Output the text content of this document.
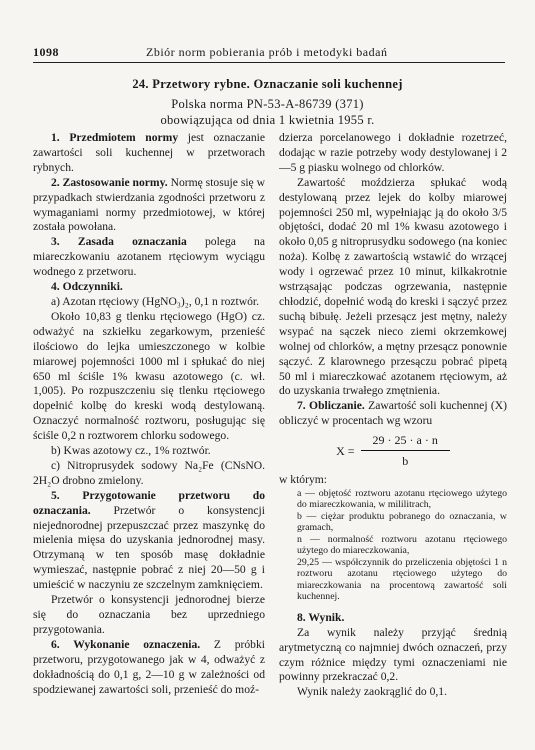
1098	Zbiór norm pobierania prób i metodyki badań
24. Przetwory rybne. Oznaczanie soli kuchennej
Polska norma PN-53-A-86739 (371)
obowiązująca od dnia 1 kwietnia 1955 r.

1. Przedmiotem normy jest oznaczanie zawartości soli kuchennej w przetworach rybnych.

2. Zastosowanie normy. Normę stosuje się w przypadkach stwierdzania zgodności przetworu z wymaganiami normy przedmiotowej, w której została powołana.

3. Zasada oznaczania polega na miareczkowaniu azotanem rtęciowym wyciągu wodnego z przetworu.

4. Odczynniki.

a) Azotan rtęciowy (HgNO₃)₂, 0,1 n roztwór.

Około 10,83 g tlenku rtęciowego (HgO) cz. odważyć na szkiełku zegarkowym, przenieść ilościowo do lejka umieszczonego w kolbie miarowej pojemności 1000 ml i spłukać do niej 650 ml ściśle 1% kwasu azotowego (c. wł. 1,005). Po rozpuszczeniu się tlenku rtęciowego dopełnić kolbę do kreski wodą destylowaną. Oznaczyć normalność roztworu, posługując się ściśle 0,2 n roztworem chlorku sodowego.

b) Kwas azotowy cz., 1% roztwór.

c) Nitroprusydek sodowy Na₂Fe (CNsNO. 2H₂O drobno zmielony.

5. Przygotowanie przetworu do oznaczania. Przetwór o konsystencji niejednorodnej przepuszczać przez maszynkę do mielenia mięsa do uzyskania jednorodnej masy. Otrzymaną w ten sposób masę dokładnie wymieszać, następnie pobrać z niej 20—50 g i umieścić w naczyniu ze szczelnym zamknięciem.

Przetwór o konsystencji jednorodnej bierze się do oznaczania bez uprzedniego przygotowania.

6. Wykonanie oznaczenia. Z próbki przetworu, przygotowanego jak w 4, odważyć z dokładnością do 0,1 g, 2—10 g w zależności od spodziewanej zawartości soli, przenieść do moź-

dzierza porcelanowego i dokładnie rozetrzeć, dodając w razie potrzeby wody destylowanej i 2—5 g piasku wolnego od chlorków.

Zawartość moździerza spłukać wodą destylowaną przez lejek do kolby miarowej pojemności 250 ml, wypełniając ją do około 3/5 objętości, dodać 20 ml 1% kwasu azotowego i około 0,05 g nitroprusydku sodowego (na koniec noża). Kolbę z zawartością wstawić do wrzącej wody i ogrzewać przez 10 minut, kilkakrotnie wstrząsając podczas ogrzewania, następnie chłodzić, dopełnić wodą do kreski i sączyć przez suchą bibułę. Jeżeli przesącz jest mętny, należy wsypać na sączek nieco ziemi okrzemkowej wolnej od chlorków, a mętny przesącz ponownie sączyć. Z klarownego przesączu pobrać pipetą 50 ml i miareczkować azotanem rtęciowym, aż do uzyskania trwałego zmętnienia.

7. Obliczanie. Zawartość soli kuchennej (X) obliczyć w procentach wg wzoru

$X = \frac{29 \cdot 25 \cdot a \cdot n}{b}$

w którym:

a — objętość roztworu azotanu rtęciowego użytego do miareczkowania, w mililitrach,

b — ciężar produktu pobranego do oznaczania, w gramach,

n — normalność roztworu azotanu rtęciowego użytego do miareczkowania,

29,25 — współczynnik do przeliczenia objętości 1 n roztworu azotanu rtęciowego użytego do miareczkowania na procentową zawartość soli kuchennej.

8. Wynik.

Za wynik należy przyjąć średnią arytmetyczną co najmniej dwóch oznaczeń, przy czym różnice między tymi oznaczeniami nie powinny przekraczać 0,2.

Wynik należy zaokrąglić do 0,1.
